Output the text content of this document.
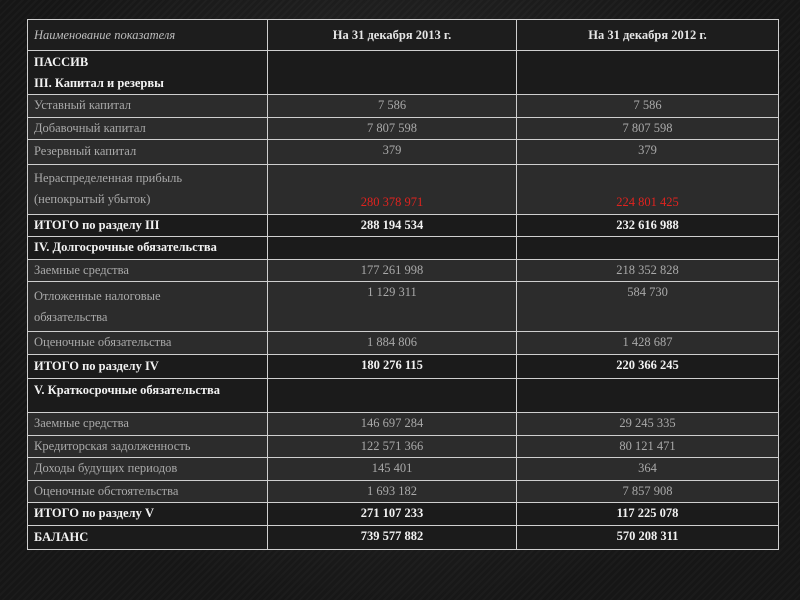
Наименование показателя	На 31 декабря 2013 г.	На 31 декабря 2012 г.

ПАССИВ
III. Капитал и резервы		

Уставный капитал	7 586	7 586
Добавочный капитал	7 807 598	7 807 598
Резервный капитал	379	379

Нераспределенная прибыль
(непокрытый убыток)	280 378 971	224 801 425
ИТОГО по разделу III	288 194 534	232 616 988
IV. Долгосрочные обязательства		
Заемные средства	177 261 998	218 352 828

Отложенные налоговые
обязательства	1 129 311	584 730
Оценочные обязательства	1 884 806	1 428 687
ИТОГО по разделу IV	180 276 115	220 366 245
V. Краткосрочные обязательства		
Заемные средства	146 697 284	29 245 335
Кредиторская задолженность	122 571 366	80 121 471
Доходы будущих периодов	145 401	364
Оценочные обстоятельства	1 693 182	7 857 908
ИТОГО по разделу V	271 107 233	117 225 078
БАЛАНС	739 577 882	570 208 311
